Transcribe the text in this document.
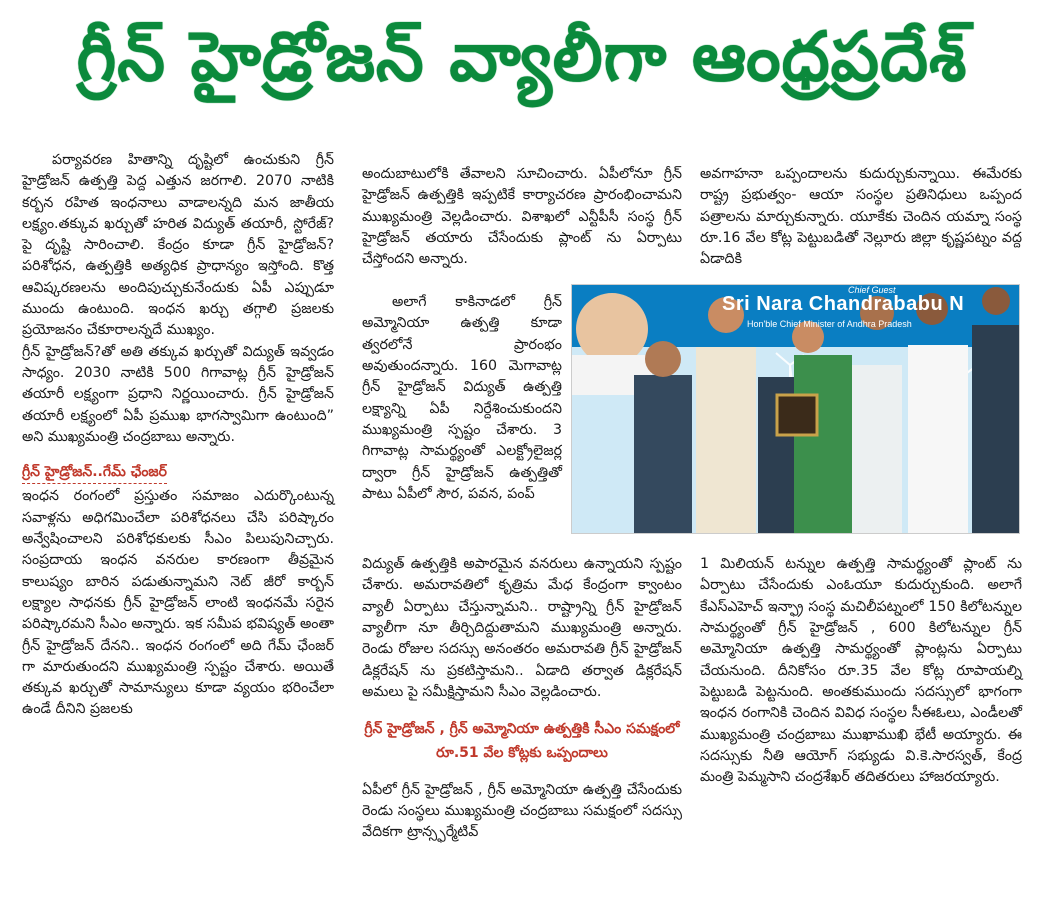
గ్రీన్ హైడ్రోజన్ వ్యాలీగా ఆంధ్రప్రదేశ్

పర్యావరణ హితాన్ని దృష్టిలో ఉంచుకుని గ్రీన్ హైడ్రోజన్ ఉత్పత్తి పెద్ద ఎత్తున జరగాలి. 2070 నాటికి కర్బన రహిత ఇంధనాలు వాడాలన్నది మన జాతీయ లక్ష్యం.తక్కువ ఖర్చుతో హరిత విద్యుత్ తయారీ, స్టోరేజ్?పై దృష్టి సారించాలి. కేంద్రం కూడా గ్రీన్ హైడ్రోజన్? పరిశోధన, ఉత్పత్తికి అత్యధిక ప్రాధాన్యం ఇస్తోంది. కొత్త ఆవిష్కరణలను అందిపుచ్చుకునేందుకు ఏపీ ఎప్పుడూ ముందు ఉంటుంది. ఇంధన ఖర్చు తగ్గాలి ప్రజలకు ప్రయోజనం చేకూరాలన్నదే ముఖ్యం.

గ్రీన్ హైడ్రోజన్?తో అతి తక్కువ ఖర్చుతో విద్యుత్ ఇవ్వడం సాధ్యం. 2030 నాటికి 500 గిగావాట్ల గ్రీన్ హైడ్రోజన్ తయారీ లక్ష్యంగా ప్రధాని నిర్ణయించారు. గ్రీన్ హైడ్రోజన్ తయారీ లక్ష్యంలో ఏపీ ప్రముఖ భాగస్వామిగా ఉంటుంది” అని ముఖ్యమంత్రి చంద్రబాబు అన్నారు.

గ్రీన్ హైడ్రోజన్..గేమ్ ఛేంజర్

ఇంధన రంగంలో ప్రస్తుతం సమాజం ఎదుర్కొంటున్న సవాళ్లను అధిగమించేలా పరిశోధనలు చేసి పరిష్కారం అన్వేషించాలని పరిశోధకులకు సీఎం పిలుపునిచ్చారు. సంప్రదాయ ఇంధన వనరుల కారణంగా తీవ్రమైన కాలుష్యం బారిన పడుతున్నామని నెట్ జీరో కార్బన్ లక్ష్యాల సాధనకు గ్రీన్ హైడ్రోజన్ లాంటి ఇంధనమే సరైన పరిష్కారమని సీఎం అన్నారు. ఇక సమీప భవిష్యత్ అంతా గ్రీన్ హైడ్రోజన్ దేనని.. ఇంధన రంగంలో అది గేమ్ ఛేంజర్ గా మారుతుందని ముఖ్యమంత్రి స్పష్టం చేశారు. అయితే తక్కువ ఖర్చుతో సామాన్యులు కూడా వ్యయం భరించేలా ఉండే దీనిని ప్రజలకు

అందుబాటులోకి తేవాలని సూచించారు. ఏపీలోనూ గ్రీన్ హైడ్రోజన్ ఉత్పత్తికి ఇప్పటికే కార్యాచరణ ప్రారంభించామని ముఖ్యమంత్రి వెల్లడించారు. విశాఖలో ఎన్టీపీసీ సంస్థ గ్రీన్ హైడ్రోజన్ తయారు చేసేందుకు ప్లాంట్ ను ఏర్పాటు చేస్తోందని అన్నారు.

అలాగే కాకినాడలో గ్రీన్ అమ్మోనియా ఉత్పత్తి కూడా త్వరలోనే ప్రారంభం అవుతుందన్నారు. 160 మెగావాట్ల గ్రీన్ హైడ్రోజన్ విద్యుత్ ఉత్పత్తి లక్ష్యాన్ని ఏపీ నిర్దేశించుకుందని ముఖ్యమంత్రి స్పష్టం చేశారు. 3 గిగావాట్ల సామర్థ్యంతో ఎలక్ట్రోలైజర్ల ద్వారా గ్రీన్ హైడ్రోజన్ ఉత్పత్తితో పాటు ఏపీలో సౌర, పవన, పంప్

విద్యుత్ ఉత్పత్తికి అపారమైన వనరులు ఉన్నాయని స్పష్టం చేశారు. అమరావతిలో కృత్రిమ మేధ కేంద్రంగా క్వాంటం వ్యాలీ ఏర్పాటు చేస్తున్నామని.. రాష్ట్రాన్ని గ్రీన్ హైడ్రోజన్ వ్యాలీగా నూ తీర్చిదిద్దుతామని ముఖ్యమంత్రి అన్నారు. రెండు రోజుల సదస్సు అనంతరం అమరావతి గ్రీన్ హైడ్రోజన్ డిక్లరేషన్ ను ప్రకటిస్తామని.. ఏడాది తర్వాత డిక్లరేషన్ అమలు పై సమీక్షిస్తామని సీఎం వెల్లడించారు.

గ్రీన్ హైడ్రోజన్ , గ్రీన్ అమ్మోనియా ఉత్పత్తికి సీఎం సమక్షంలో రూ.51 వేల కోట్లకు ఒప్పందాలు

ఏపీలో గ్రీన్ హైడ్రోజన్ , గ్రీన్ అమ్మోనియా ఉత్పత్తి చేసేందుకు రెండు సంస్థలు ముఖ్యమంత్రి చంద్రబాబు సమక్షంలో సదస్సు వేదికగా ట్రాన్స్ఫర్మేటివ్

అవగాహనా ఒప్పందాలను కుదుర్చుకున్నాయి. ఈమేరకు రాష్ట్ర ప్రభుత్వం- ఆయా సంస్థల ప్రతినిధులు ఒప్పంద పత్రాలను మార్చుకున్నారు. యూకేకు చెందిన యమ్నా సంస్థ రూ.16 వేల కోట్ల పెట్టుబడితో నెల్లూరు జిల్లా కృష్ణపట్నం వద్ద ఏడాదికి

1 మిలియన్ టన్నుల ఉత్పత్తి సామర్థ్యంతో ప్లాంట్ ను ఏర్పాటు చేసేందుకు ఎంఓయూ కుదుర్చుకుంది. అలాగే కేఎస్ఎహెచ్ ఇన్ఫ్రా సంస్థ మచిలీపట్నంలో 150 కిలోటన్నుల సామర్థ్యంతో గ్రీన్ హైడ్రోజన్ , 600 కిలోటన్నుల గ్రీన్ అమ్మోనియా ఉత్పత్తి సామర్థ్యంతో ప్లాంట్లను ఏర్పాటు చేయనుంది. దీనికోసం రూ.35 వేల కోట్ల రూపాయల్ని పెట్టుబడి పెట్టనుంది. అంతకుముందు సదస్సులో భాగంగా ఇంధన రంగానికి చెందిన వివిధ సంస్థల సీఈఓలు, ఎండీలతో ముఖ్యమంత్రి చంద్రబాబు ముఖాముఖి భేటీ అయ్యారు. ఈ సదస్సుకు నీతి ఆయోగ్ సభ్యుడు వి.కె.సారస్వత్, కేంద్ర మంత్రి పెమ్మసాని చంద్రశేఖర్ తదితరులు హాజరయ్యారు.

Chief Guest
Sri Nara Chandrababu N
Hon'ble Chief Minister of Andhra Pradesh
